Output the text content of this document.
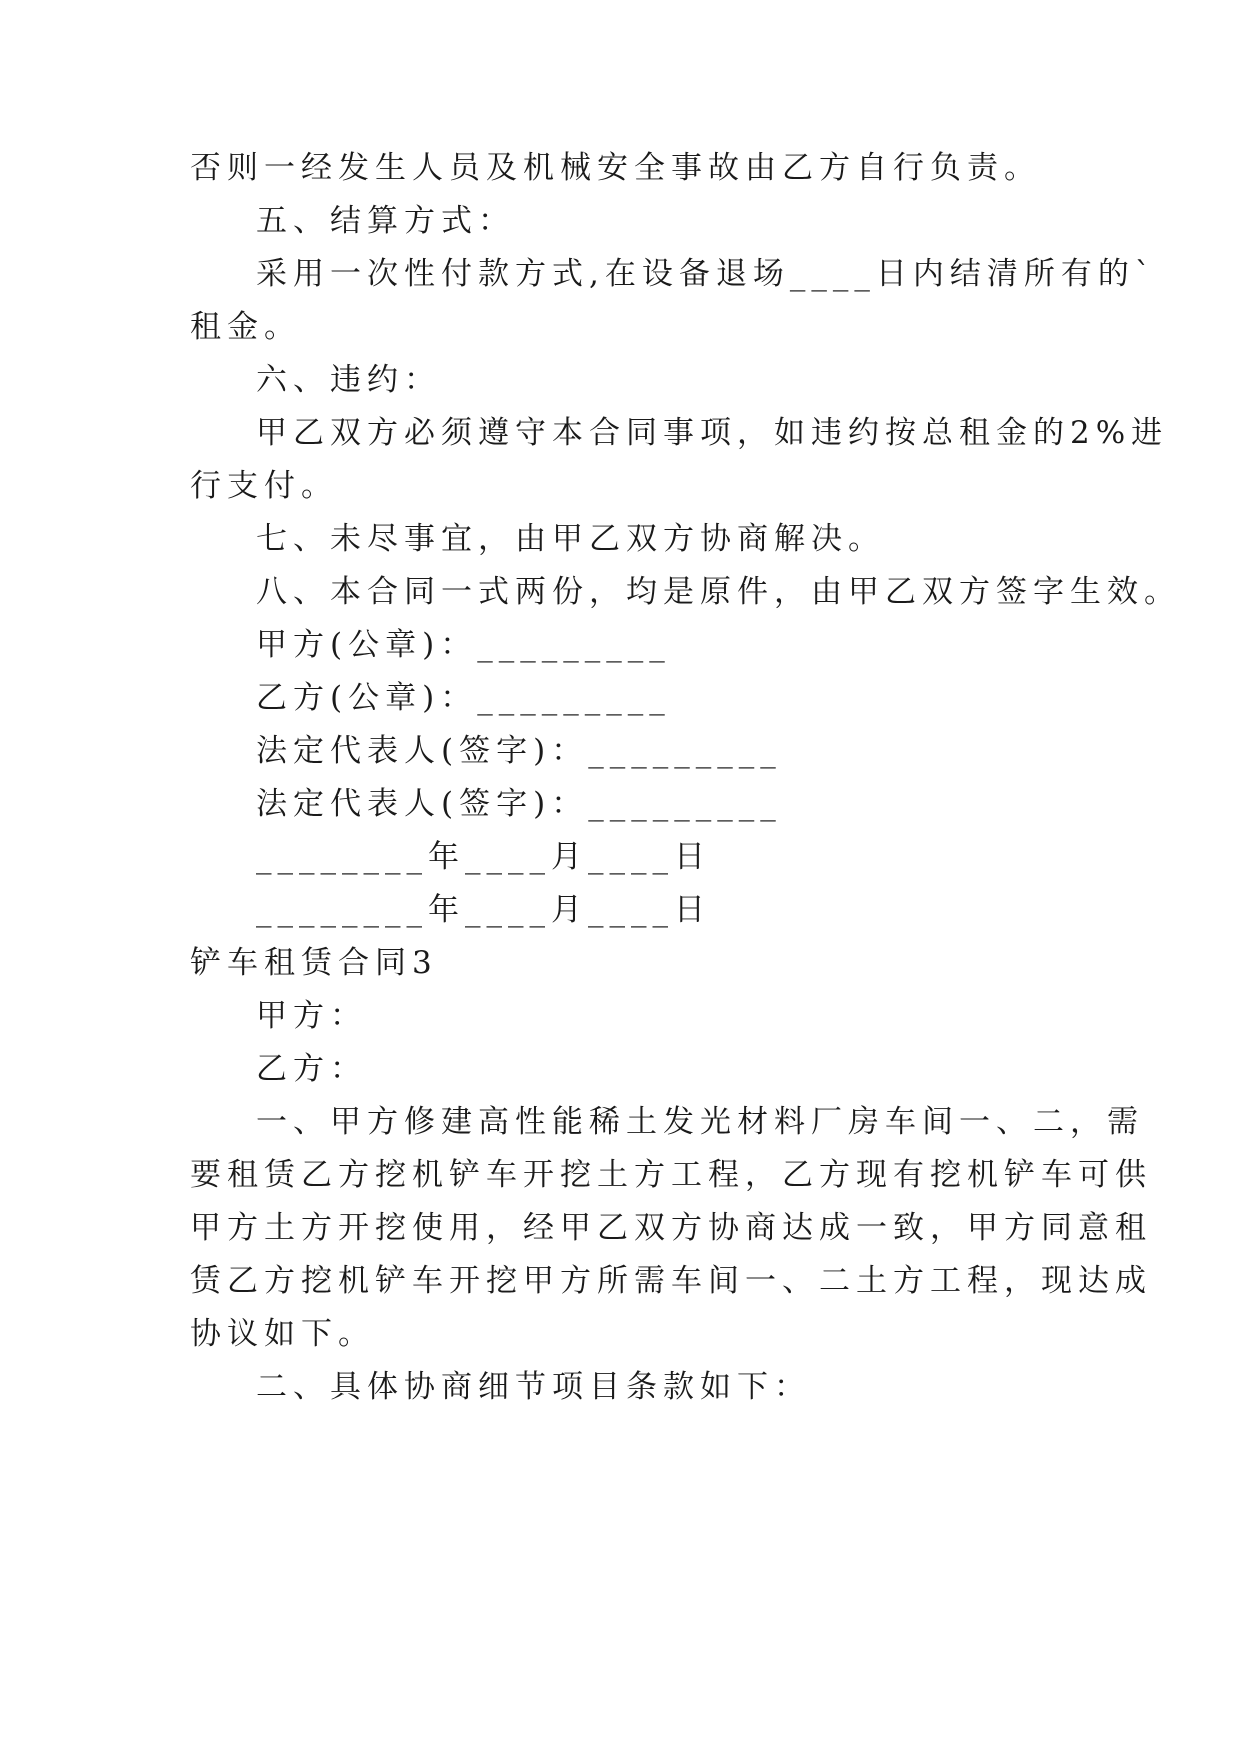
否则一经发生人员及机械安全事故由乙方自行负责。
五、结算方式：
采用一次性付款方式,在设备退场____日内结清所有的`
租金。
六、违约：
甲乙双方必须遵守本合同事项，如违约按总租金的2%进
行支付。
七、未尽事宜，由甲乙双方协商解决。
八、本合同一式两份，均是原件，由甲乙双方签字生效。
甲方(公章)：_________
乙方(公章)：_________
法定代表人(签字)：_________
法定代表人(签字)：_________
________年____月____日
________年____月____日
铲车租赁合同3
甲方：
乙方：
一、甲方修建高性能稀土发光材料厂房车间一、二，需
要租赁乙方挖机铲车开挖土方工程，乙方现有挖机铲车可供
甲方土方开挖使用，经甲乙双方协商达成一致，甲方同意租
赁乙方挖机铲车开挖甲方所需车间一、二土方工程，现达成
协议如下。
二、具体协商细节项目条款如下：
